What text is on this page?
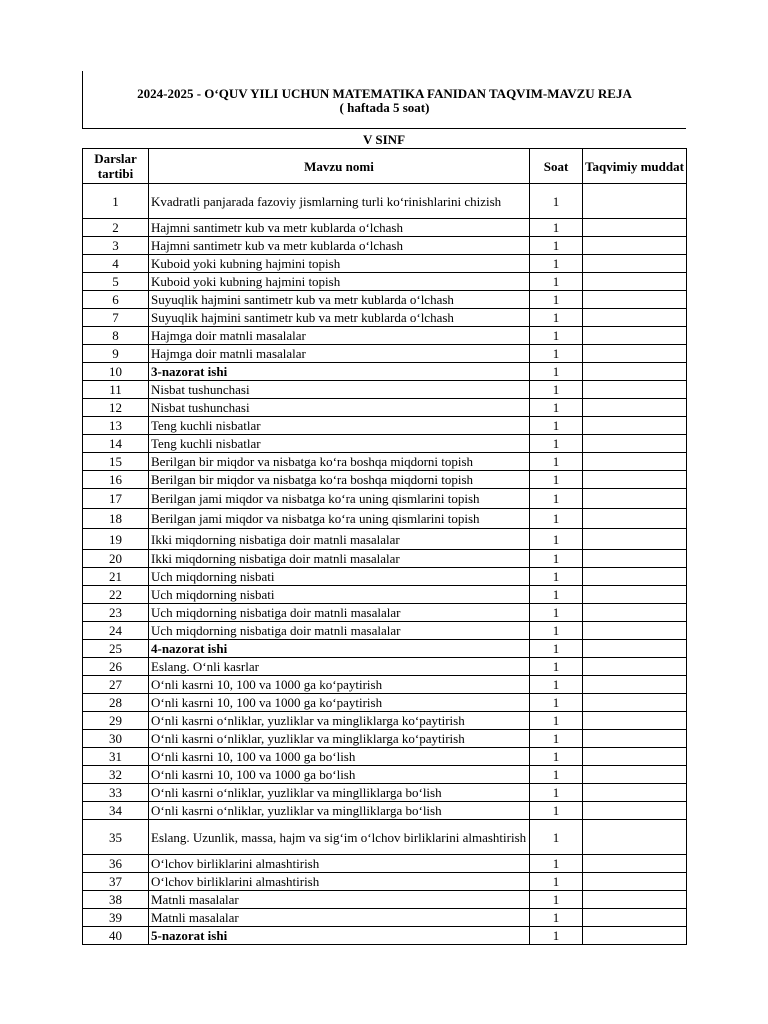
2024-2025 - O‘QUV YILI UCHUN MATEMATIKA FANIDAN TAQVIM-MAVZU REJA
( haftada 5 soat)
V SINF
Darslar tartibi	Mavzu nomi	Soat	Taqvimiy muddat
1	Kvadratli panjarada fazoviy jismlarning turli ko‘rinishlarini chizish	1	
2	Hajmni santimetr kub va metr kublarda o‘lchash	1	
3	Hajmni santimetr kub va metr kublarda o‘lchash	1	
4	Kuboid yoki kubning hajmini topish	1	
5	Kuboid yoki kubning hajmini topish	1	
6	Suyuqlik hajmini santimetr kub va metr kublarda o‘lchash	1	
7	Suyuqlik hajmini santimetr kub va metr kublarda o‘lchash	1	
8	Hajmga doir matnli masalalar	1	
9	Hajmga doir matnli masalalar	1	
10	3-nazorat ishi	1	
11	Nisbat tushunchasi	1	
12	Nisbat tushunchasi	1	
13	Teng kuchli nisbatlar	1	
14	Teng kuchli nisbatlar	1	
15	Berilgan bir miqdor va nisbatga ko‘ra boshqa miqdorni topish	1	
16	Berilgan bir miqdor va nisbatga ko‘ra boshqa miqdorni topish	1	
17	Berilgan jami miqdor va nisbatga ko‘ra uning qismlarini topish	1	
18	Berilgan jami miqdor va nisbatga ko‘ra uning qismlarini topish	1	
19	Ikki miqdorning nisbatiga doir matnli masalalar	1	
20	Ikki miqdorning nisbatiga doir matnli masalalar	1	
21	Uch miqdorning nisbati	1	
22	Uch miqdorning nisbati	1	
23	Uch miqdorning nisbatiga doir matnli masalalar	1	
24	Uch miqdorning nisbatiga doir matnli masalalar	1	
25	4-nazorat ishi	1	
26	Eslang. O‘nli kasrlar	1	
27	O‘nli kasrni 10, 100 va 1000 ga ko‘paytirish	1	
28	O‘nli kasrni 10, 100 va 1000 ga ko‘paytirish	1	
29	O‘nli kasrni o‘nliklar, yuzliklar va mingliklarga ko‘paytirish	1	
30	O‘nli kasrni o‘nliklar, yuzliklar va mingliklarga ko‘paytirish	1	
31	O‘nli kasrni 10, 100 va 1000 ga bo‘lish	1	
32	O‘nli kasrni 10, 100 va 1000 ga bo‘lish	1	
33	O‘nli kasrni o‘nliklar, yuzliklar va minglliklarga bo‘lish	1	
34	O‘nli kasrni o‘nliklar, yuzliklar va minglliklarga bo‘lish	1	
35	Eslang. Uzunlik, massa, hajm va sig‘im o‘lchov birliklarini almashtirish	1	
36	O‘lchov birliklarini almashtirish	1	
37	O‘lchov birliklarini almashtirish	1	
38	Matnli masalalar	1	
39	Matnli masalalar	1	
40	5-nazorat ishi	1	
